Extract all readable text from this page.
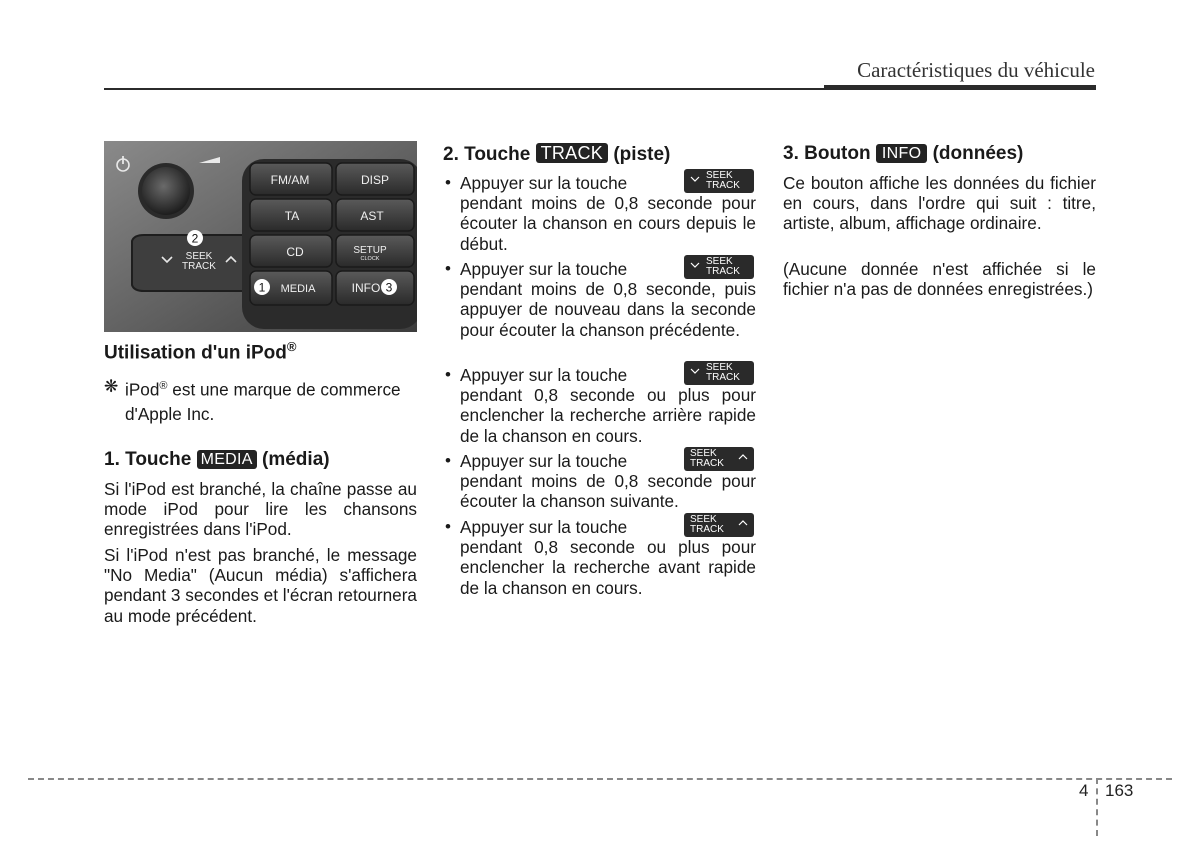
Caractéristiques du véhicule
FM/AM	DISP
TA	AST
CD	SETUP
CLOCK
MEDIA	INFO
SEEK
TRACK
1
2
3
Utilisation d'un iPod®
❋ iPod® est une marque de commerce d'Apple Inc.
1. Touche MEDIA (média)
Si l'iPod est branché, la chaîne passe au mode iPod pour lire les chansons enregistrées dans l'iPod.
Si l'iPod n'est pas branché, le message "No Media" (Aucun média) s'affichera pendant 3 secondes et l'écran retournera au mode précédent.
2. Touche TRACK (piste)
• Appuyer sur la touche
pendant moins de 0,8 seconde pour écouter la chanson en cours depuis le début.
SEEK
TRACK
• Appuyer sur la touche
pendant moins de 0,8 seconde, puis appuyer de nouveau dans la seconde pour écouter la chanson précédente.
SEEK
TRACK
• Appuyer sur la touche
pendant 0,8 seconde ou plus pour enclencher la recherche arrière rapide de la chanson en cours.
SEEK
TRACK
• Appuyer sur la touche
pendant moins de 0,8 seconde pour écouter la chanson suivante.
SEEK
TRACK
• Appuyer sur la touche
pendant 0,8 seconde ou plus pour enclencher la recherche avant rapide de la chanson en cours.
SEEK
TRACK
3. Bouton INFO (données)
Ce bouton affiche les données du fichier en cours, dans l'ordre qui suit : titre, artiste, album, affichage ordinaire.
(Aucune donnée n'est affichée si le fichier n'a pas de données enregistrées.)
4 163
